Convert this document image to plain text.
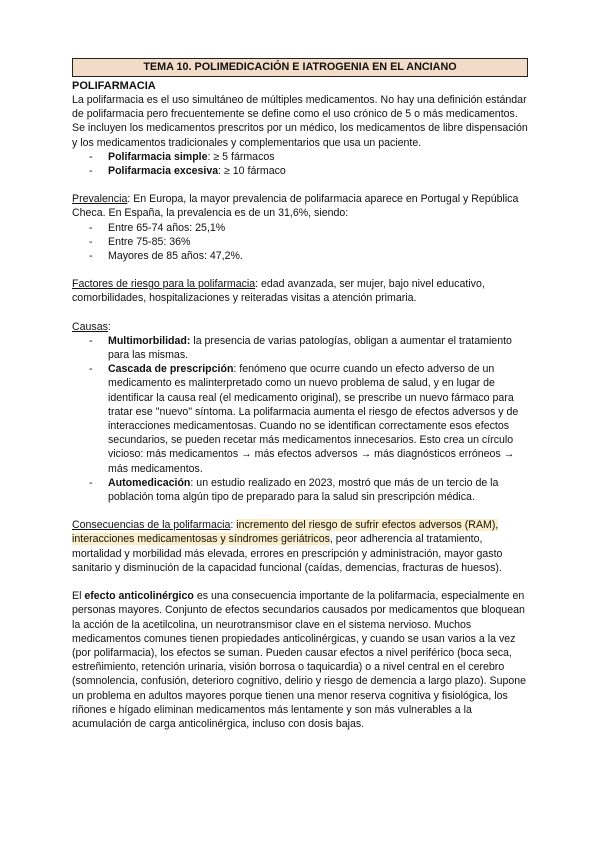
TEMA 10. POLIMEDICACIÓN E IATROGENIA EN EL ANCIANO
POLIFARMACIA

La polifarmacia es el uso simultáneo de múltiples medicamentos. No hay una definición estándar de polifarmacia pero frecuentemente se define como el uso crónico de 5 o más medicamentos. Se incluyen los medicamentos prescritos por un médico, los medicamentos de libre dispensación y los medicamentos tradicionales y complementarios que usa un paciente.

- Polifarmacia simple: ≥ 5 fármacos
- Polifarmacia excesiva: ≥ 10 fármaco

Prevalencia: En Europa, la mayor prevalencia de polifarmacia aparece en Portugal y República Checa. En España, la prevalencia es de un 31,6%, siendo:

- Entre 65-74 años: 25,1%
- Entre 75-85: 36%
- Mayores de 85 años: 47,2%.

Factores de riesgo para la polifarmacia: edad avanzada, ser mujer, bajo nivel educativo, comorbilidades, hospitalizaciones y reiteradas visitas a atención primaria.

Causas:

- Multimorbilidad: la presencia de varias patologías, obligan a aumentar el tratamiento para las mismas.
- Cascada de prescripción: fenómeno que ocurre cuando un efecto adverso de un medicamento es malinterpretado como un nuevo problema de salud, y en lugar de identificar la causa real (el medicamento original), se prescribe un nuevo fármaco para tratar ese "nuevo" síntoma. La polifarmacia aumenta el riesgo de efectos adversos y de interacciones medicamentosas. Cuando no se identifican correctamente esos efectos secundarios, se pueden recetar más medicamentos innecesarios. Esto crea un círculo vicioso: más medicamentos → más efectos adversos → más diagnósticos erróneos → más medicamentos.
- Automedicación: un estudio realizado en 2023, mostró que más de un tercio de la población toma algún tipo de preparado para la salud sin prescripción médica.

Consecuencias de la polifarmacia: incremento del riesgo de sufrir efectos adversos (RAM), interacciones medicamentosas y síndromes geriátricos, peor adherencia al tratamiento, mortalidad y morbilidad más elevada, errores en prescripción y administración, mayor gasto sanitario y disminución de la capacidad funcional (caídas, demencias, fracturas de huesos).

El efecto anticolinérgico es una consecuencia importante de la polifarmacia, especialmente en personas mayores. Conjunto de efectos secundarios causados por medicamentos que bloquean la acción de la acetilcolina, un neurotransmisor clave en el sistema nervioso. Muchos medicamentos comunes tienen propiedades anticolinérgicas, y cuando se usan varios a la vez (por polifarmacia), los efectos se suman. Pueden causar efectos a nivel periférico (boca seca, estreñimiento, retención urinaria, visión borrosa o taquicardia) o a nivel central en el cerebro (somnolencia, confusión, deterioro cognitivo, delirio y riesgo de demencia a largo plazo). Supone un problema en adultos mayores porque tienen una menor reserva cognitiva y fisiológica, los riñones e hígado eliminan medicamentos más lentamente y son más vulnerables a la acumulación de carga anticolinérgica, incluso con dosis bajas.
